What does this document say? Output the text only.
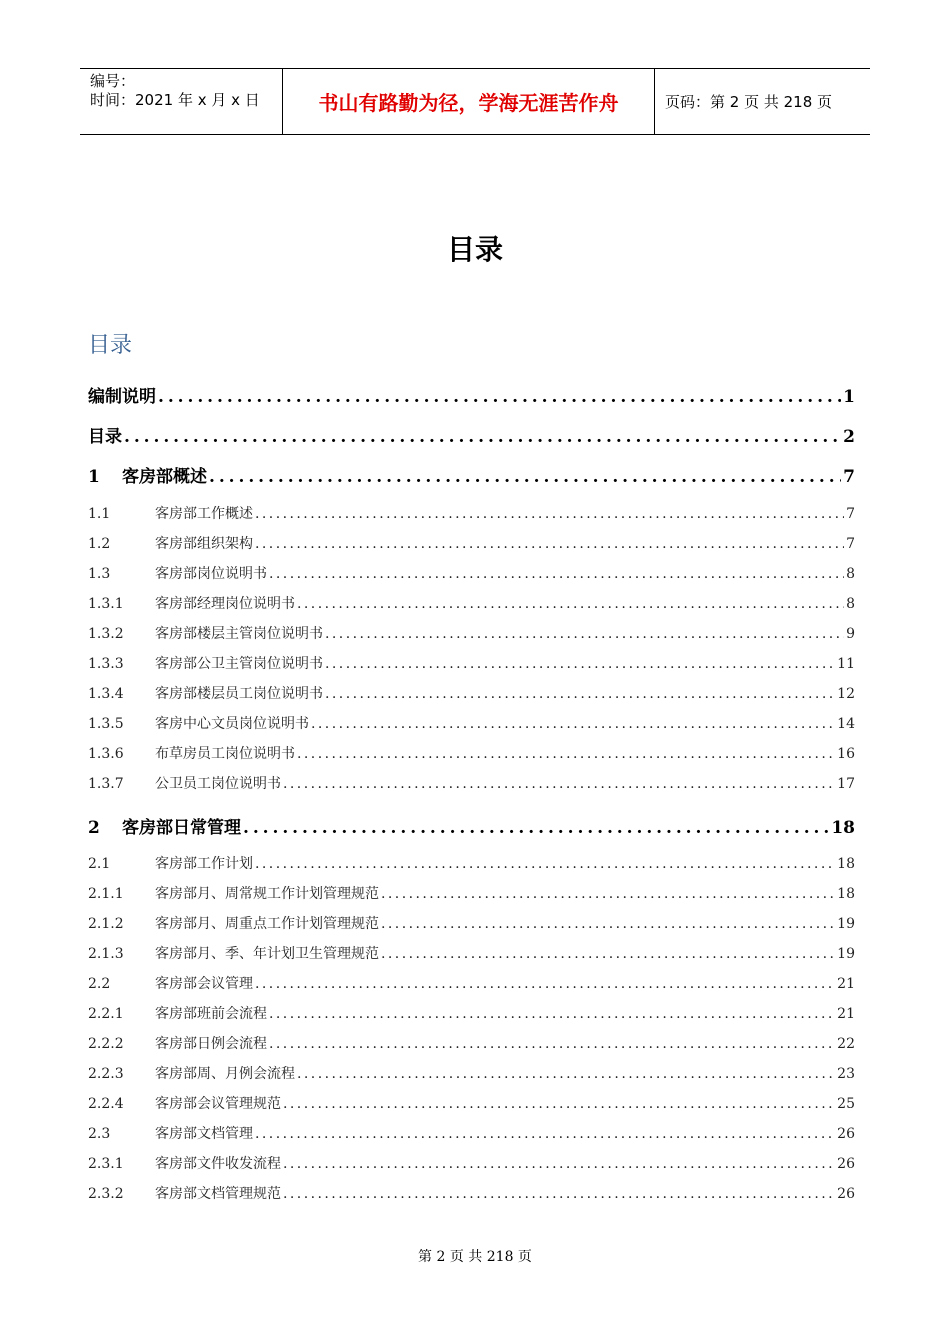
编号：
时间：2021 年 x 月 x 日	书山有路勤为径，学海无涯苦作舟	页码：第 2 页 共 218 页
目录
目录
编制说明 . . .	1
目录 . . .	2
1	客房部概述 . . .	7
1.1	客房部工作概述 . . .	7
1.2	客房部组织架构 . . .	7
1.3	客房部岗位说明书 . . .	8
1.3.1	客房部经理岗位说明书 . . .	8
1.3.2	客房部楼层主管岗位说明书 . . .	9
1.3.3	客房部公卫主管岗位说明书 . . .	11
1.3.4	客房部楼层员工岗位说明书 . . .	12
1.3.5	客房中心文员岗位说明书 . . .	14
1.3.6	布草房员工岗位说明书 . . .	16
1.3.7	公卫员工岗位说明书 . . .	17
2	客房部日常管理 . . .	18
2.1	客房部工作计划 . . .	18
2.1.1	客房部月、周常规工作计划管理规范 . . .	18
2.1.2	客房部月、周重点工作计划管理规范 . . .	19
2.1.3	客房部月、季、年计划卫生管理规范 . . .	19
2.2	客房部会议管理 . . .	21
2.2.1	客房部班前会流程 . . .	21
2.2.2	客房部日例会流程 . . .	22
2.2.3	客房部周、月例会流程 . . .	23
2.2.4	客房部会议管理规范 . . .	25
2.3	客房部文档管理 . . .	26
2.3.1	客房部文件收发流程 . . .	26
2.3.2	客房部文档管理规范 . . .	26
第 2 页 共 218 页
